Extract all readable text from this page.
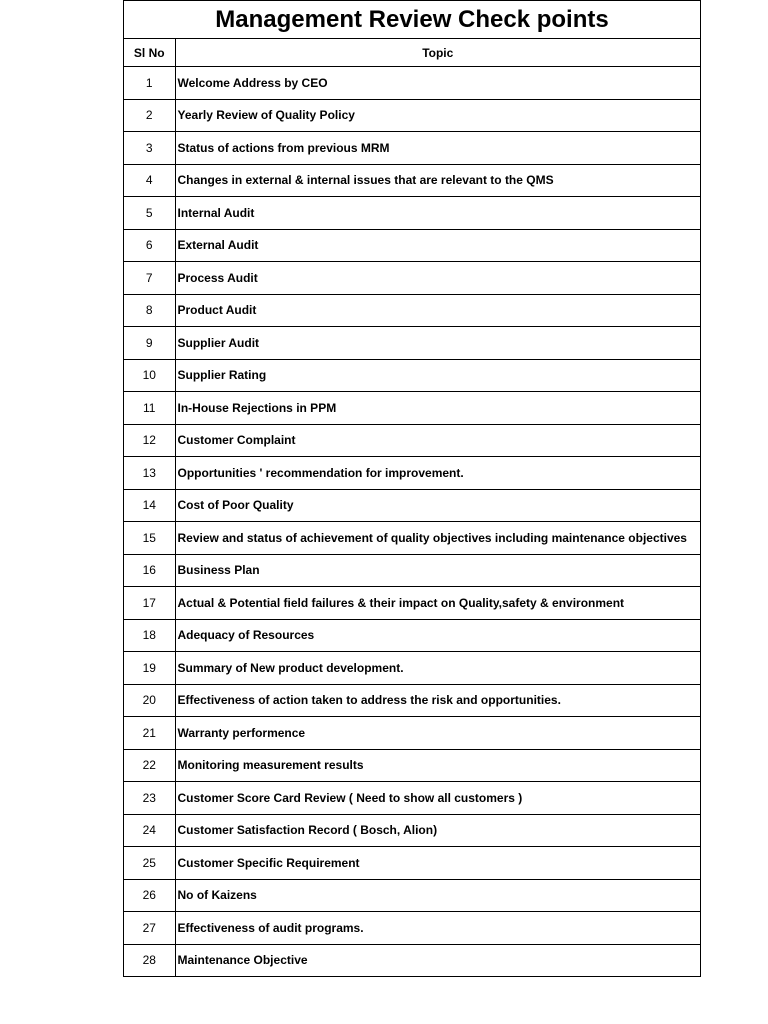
Management Review Check points
Sl No	Topic
1	Welcome Address by CEO
2	Yearly Review of Quality Policy
3	Status of actions from previous MRM
4	Changes in external & internal issues that are relevant to the QMS
5	Internal Audit
6	External Audit
7	Process Audit
8	Product Audit
9	Supplier Audit
10	Supplier Rating
11	In-House Rejections in PPM
12	Customer Complaint
13	Opportunities ' recommendation for improvement.
14	Cost of Poor Quality
15	Review and status of achievement of quality objectives including maintenance objectives
16	Business Plan
17	Actual & Potential field failures & their impact on Quality,safety & environment
18	Adequacy of Resources
19	Summary of New product development.
20	Effectiveness of action taken to address the risk and opportunities.
21	Warranty performence
22	Monitoring measurement results
23	Customer Score Card Review ( Need to show all customers )
24	Customer Satisfaction Record ( Bosch, Alion)
25	Customer Specific Requirement
26	No of Kaizens
27	Effectiveness of audit programs.
28	Maintenance Objective
